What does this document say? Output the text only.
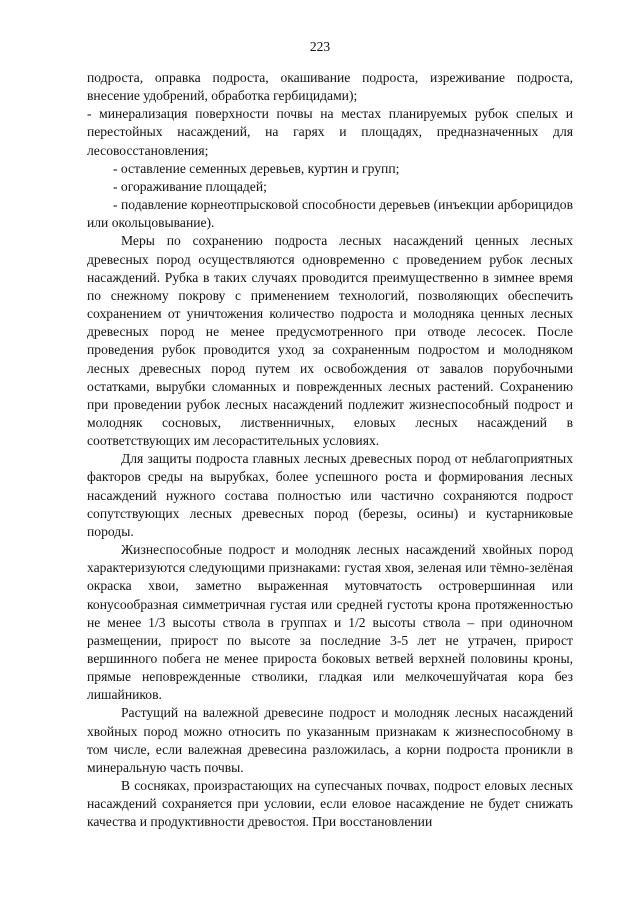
223

подроста, оправка подроста, окашивание подроста, изреживание подроста, внесение удобрений, обработка гербицидами);

- минерализация поверхности почвы на местах планируемых рубок спелых и перестойных насаждений, на гарях и площадях, предназначенных для лесовосстановления;

- оставление семенных деревьев, куртин и групп;

- огораживание площадей;

- подавление корнеотпрысковой способности деревьев (инъекции арборицидов или окольцовывание).

Меры по сохранению подроста лесных насаждений ценных лесных древесных пород осуществляются одновременно с проведением рубок лесных насаждений. Рубка в таких случаях проводится преимущественно в зимнее время по снежному покрову с применением технологий, позволяющих обеспечить сохранением от уничтожения количество подроста и молодняка ценных лесных древесных пород не менее предусмотренного при отводе лесосек. После проведения рубок проводится уход за сохраненным подростом и молодняком лесных древесных пород путем их освобождения от завалов порубочными остатками, вырубки сломанных и поврежденных лесных растений. Сохранению при проведении рубок лесных насаждений подлежит жизнеспособный подрост и молодняк сосновых, лиственничных, еловых лесных насаждений в соответствующих им лесорастительных условиях.

Для защиты подроста главных лесных древесных пород от неблагоприятных факторов среды на вырубках, более успешного роста и формирования лесных насаждений нужного состава полностью или частично сохраняются подрост сопутствующих лесных древесных пород (березы, осины) и кустарниковые породы.

Жизнеспособные подрост и молодняк лесных насаждений хвойных пород характеризуются следующими признаками: густая хвоя, зеленая или тёмно-зелёная окраска хвои, заметно выраженная мутовчатость островершинная или конусообразная симметричная густая или средней густоты крона протяженностью не менее 1/3 высоты ствола в группах и 1/2 высоты ствола – при одиночном размещении, прирост по высоте за последние 3-5 лет не утрачен, прирост вершинного побега не менее прироста боковых ветвей верхней половины кроны, прямые неповрежденные стволики, гладкая или мелкочешуйчатая кора без лишайников.

Растущий на валежной древесине подрост и молодняк лесных насаждений хвойных пород можно относить по указанным признакам к жизнеспособному в том числе, если валежная древесина разложилась, а корни подроста проникли в минеральную часть почвы.

В сосняках, произрастающих на супесчаных почвах, подрост еловых лесных насаждений сохраняется при условии, если еловое насаждение не будет снижать качества и продуктивности древостоя. При восстановлении
